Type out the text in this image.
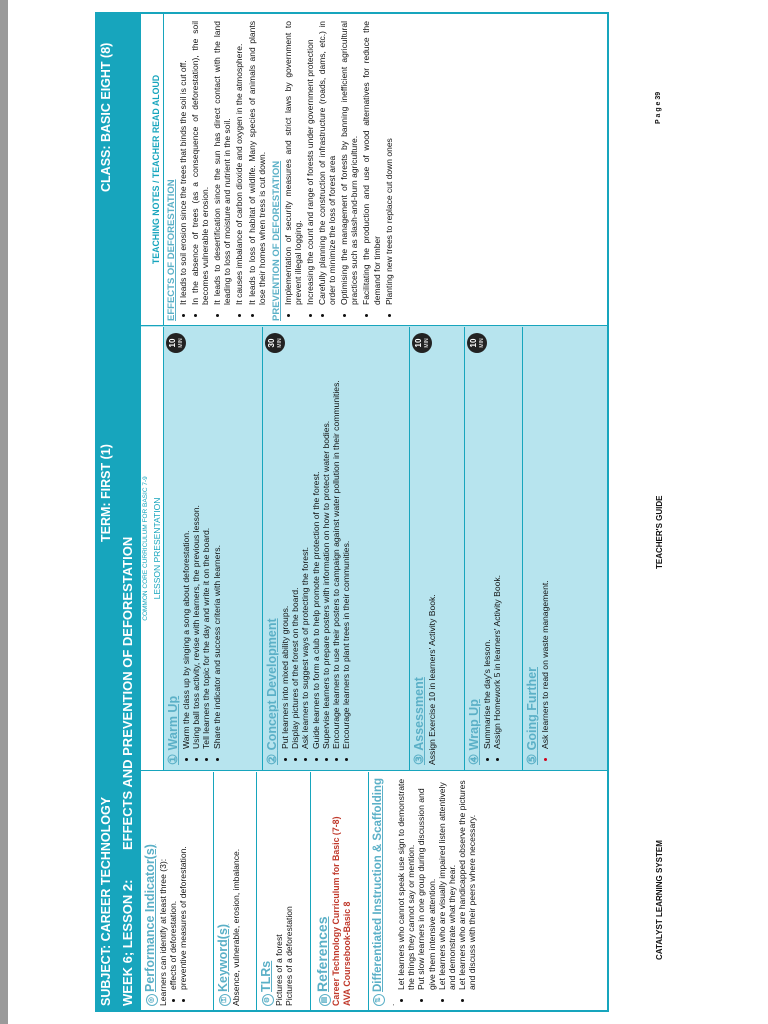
SUBJECT: CAREER TECHNOLOGY
TERM: FIRST (1)
CLASS: BASIC EIGHT (8)
WEEK 6; LESSON 2:
EFFECTS AND PREVENTION OF DEFORESTATION
◎Performance Indicator(s) Learners can identify at least three (3): • effects of deforestation. • preventive measures of deforestation.
⚿Keyword(s) Absence, vulnerable, erosion, imbalance.	⚙TLRs Pictures of a forest Pictures of a deforestation	▤References Career Technology Curriculum for Basic (7-8) AVA Coursebook-Basic 8	⇅Differentiated Instruction & Scaffolding
.
• Let learners who cannot speak use sign to demonstrate the things they cannot say or mention. • Put slow learners in one group during discussion and give them intensive attention. • Let learners who are visually impaired listen attentively and demonstrate what they hear. • Let learners who are handicapped observe the pictures and discuss with their peers where necessary.
COMMON CORE CURRICULUM FOR BASIC 7-9 LESSON PRESENTATION
① Warm Up
10 MIN
• Warm the class up by singing a song about deforestation. • Using ball toss activity, revise with learners, the previous lesson. • Tell learners the topic for the day and write it on the board. • Share the indicator and success criteria with learners.
② Concept Development
30 MIN
• Put learners into mixed ability groups. • Display pictures of the forest on the board. • Ask learners to suggest ways of protecting the forest. • Guide learners to form a club to help promote the protection of the forest. • Supervise learners to prepare posters with information on how to protect water bodies. • Encourage learners to use their posters to campaign against water pollution in their communities. • Encourage learners to plant trees in their communities.
③ Assessment
10 MIN
Assign Exercise 10 in learners' Activity Book. ④ Wrap Up
10 MIN
• Summarise the day's lesson. • Assign Homework 5 in learners' Activity Book.
⑤ Going Further • Ask learners to read on waste management.
TEACHING NOTES / TEACHER READ ALOUD EFFECTS OF DEFORESTATION • It leads to soil erosion since the trees that binds the soil is cut off. • In the absence of trees (as a consequence of deforestation), the soil becomes vulnerable to erosion. • It leads to desertification since the sun has direct contact with the land leading to loss of moisture and nutrient in the soil. • It causes imbalance of carbon dioxide and oxygen in the atmosphere. • It leads to loss of habitat of wildlife. Many species of animals and plants lose their homes when tress is cut down. PREVENTION OF DEFORESTATION • Implementation of security measures and strict laws by government to prevent illegal logging. • Increasing the count and range of forests under government protection • Carefully planning the construction of infrastructure (roads, dams, etc.) in order to minimize the loss of forest area • Optimising the management of forests by banning inefficient agricultural practices such as slash-and-burn agriculture. • Facilitating the production and use of wood alternatives for reduce the demand for timber • Planting new trees to replace cut down ones
CATALYST LEARNING SYSTEM
TEACHER'S GUIDE
P a g e 39
